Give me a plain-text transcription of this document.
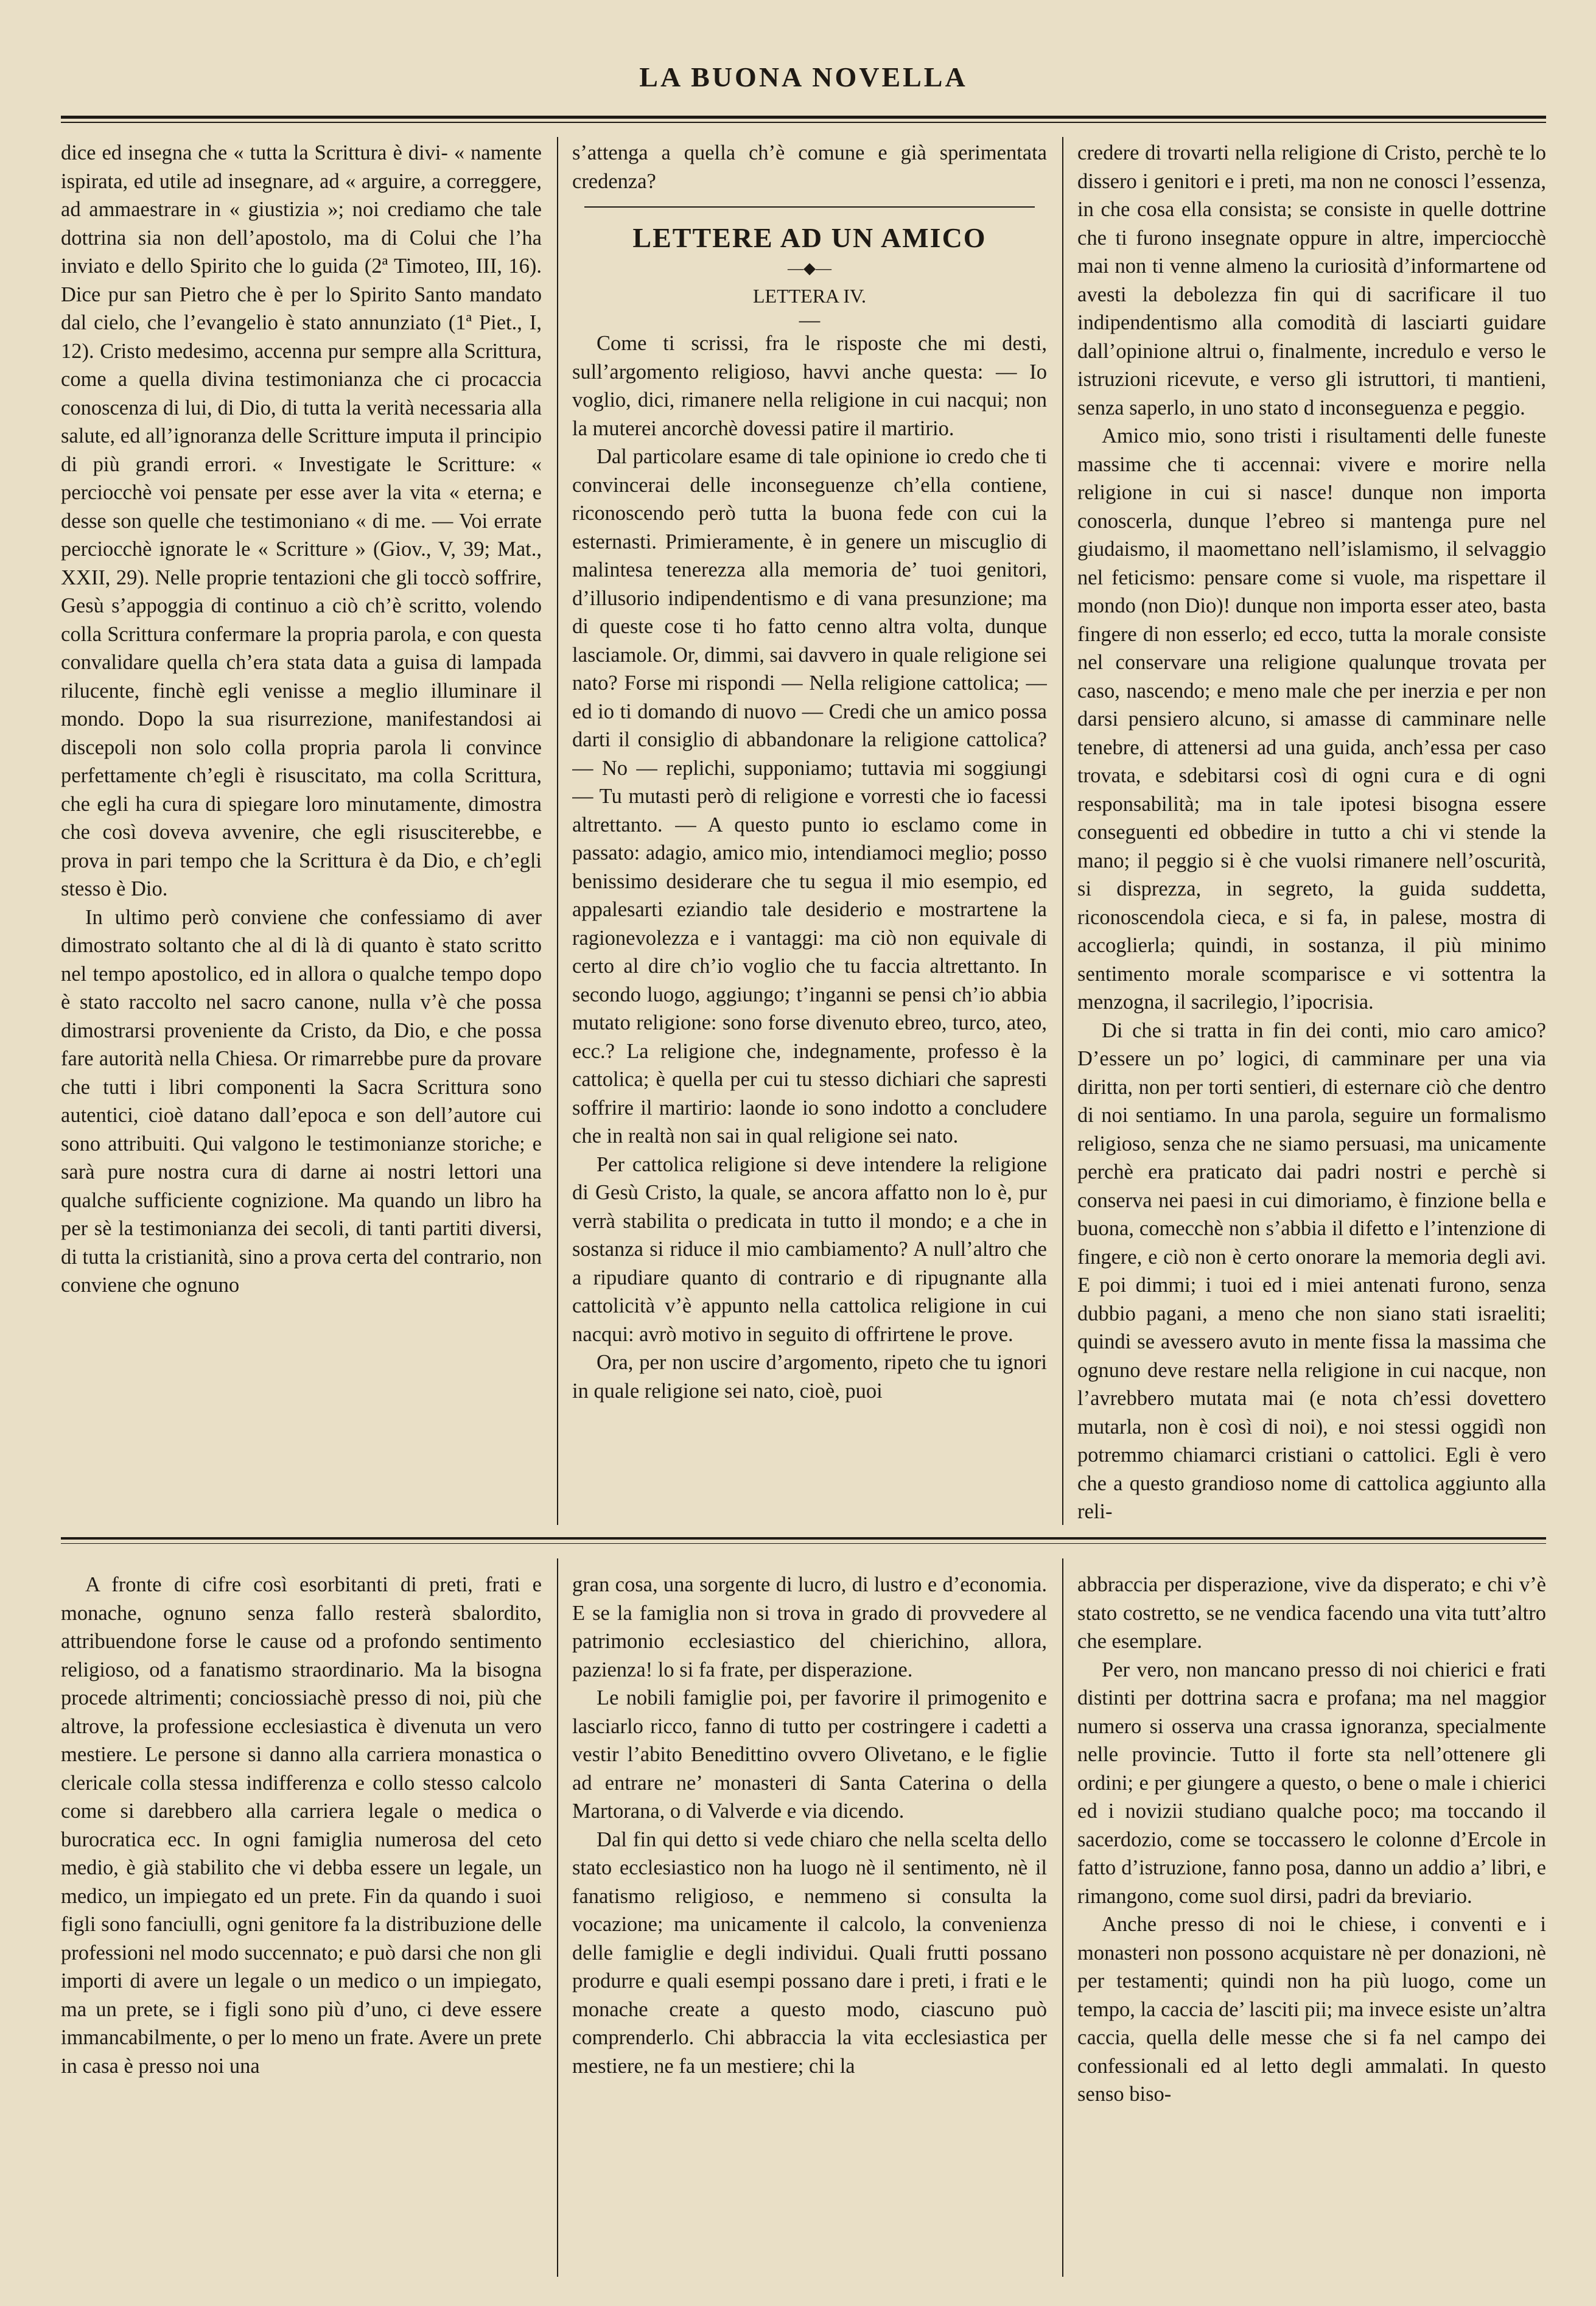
LA BUONA NOVELLA

dice ed insegna che « tutta la Scrittura è divi- « namente ispirata, ed utile ad insegnare, ad « arguire, a correggere, ad ammaestrare in « giustizia »; noi crediamo che tale dottrina sia non dell’apostolo, ma di Colui che l’ha inviato e dello Spirito che lo guida (2ª Timoteo, III, 16). Dice pur san Pietro che è per lo Spirito Santo mandato dal cielo, che l’evangelio è stato annunziato (1ª Piet., I, 12). Cristo medesimo, accenna pur sempre alla Scrittura, come a quella divina testimonianza che ci procaccia conoscenza di lui, di Dio, di tutta la verità necessaria alla salute, ed all’ignoranza delle Scritture imputa il principio di più grandi errori. « Investigate le Scritture: « perciocchè voi pensate per esse aver la vita « eterna; e desse son quelle che testimoniano « di me. — Voi errate perciocchè ignorate le « Scritture » (Giov., V, 39; Mat., XXII, 29). Nelle proprie tentazioni che gli toccò soffrire, Gesù s’appoggia di continuo a ciò ch’è scritto, volendo colla Scrittura confermare la propria parola, e con questa convalidare quella ch’era stata data a guisa di lampada rilucente, finchè egli venisse a meglio illuminare il mondo. Dopo la sua risurrezione, manifestandosi ai discepoli non solo colla propria parola li convince perfettamente ch’egli è risuscitato, ma colla Scrittura, che egli ha cura di spiegare loro minutamente, dimostra che così doveva avvenire, che egli risusciterebbe, e prova in pari tempo che la Scrittura è da Dio, e ch’egli stesso è Dio.

In ultimo però conviene che confessiamo di aver dimostrato soltanto che al di là di quanto è stato scritto nel tempo apostolico, ed in allora o qualche tempo dopo è stato raccolto nel sacro canone, nulla v’è che possa dimostrarsi proveniente da Cristo, da Dio, e che possa fare autorità nella Chiesa. Or rimarrebbe pure da provare che tutti i libri componenti la Sacra Scrittura sono autentici, cioè datano dall’epoca e son dell’autore cui sono attribuiti. Qui valgono le testimonianze storiche; e sarà pure nostra cura di darne ai nostri lettori una qualche sufficiente cognizione. Ma quando un libro ha per sè la testimonianza dei secoli, di tanti partiti diversi, di tutta la cristianità, sino a prova certa del contrario, non conviene che ognuno

s’attenga a quella ch’è comune e già sperimentata credenza?

LETTERE AD UN AMICO
—◆—
LETTERA IV.
—

Come ti scrissi, fra le risposte che mi desti, sull’argomento religioso, havvi anche questa: — Io voglio, dici, rimanere nella religione in cui nacqui; non la muterei ancorchè dovessi patire il martirio.

Dal particolare esame di tale opinione io credo che ti convincerai delle inconseguenze ch’ella contiene, riconoscendo però tutta la buona fede con cui la esternasti. Primieramente, è in genere un miscuglio di malintesa tenerezza alla memoria de’ tuoi genitori, d’illusorio indipendentismo e di vana presunzione; ma di queste cose ti ho fatto cenno altra volta, dunque lasciamole. Or, dimmi, sai davvero in quale religione sei nato? Forse mi rispondi — Nella religione cattolica; — ed io ti domando di nuovo — Credi che un amico possa darti il consiglio di abbandonare la religione cattolica? — No — replichi, supponiamo; tuttavia mi soggiungi — Tu mutasti però di religione e vorresti che io facessi altrettanto. — A questo punto io esclamo come in passato: adagio, amico mio, intendiamoci meglio; posso benissimo desiderare che tu segua il mio esempio, ed appalesarti eziandio tale desiderio e mostrartene la ragionevolezza e i vantaggi: ma ciò non equivale di certo al dire ch’io voglio che tu faccia altrettanto. In secondo luogo, aggiungo; t’inganni se pensi ch’io abbia mutato religione: sono forse divenuto ebreo, turco, ateo, ecc.? La religione che, indegnamente, professo è la cattolica; è quella per cui tu stesso dichiari che sapresti soffrire il martirio: laonde io sono indotto a concludere che in realtà non sai in qual religione sei nato.

Per cattolica religione si deve intendere la religione di Gesù Cristo, la quale, se ancora affatto non lo è, pur verrà stabilita o predicata in tutto il mondo; e a che in sostanza si riduce il mio cambiamento? A null’altro che a ripudiare quanto di contrario e di ripugnante alla cattolicità v’è appunto nella cattolica religione in cui nacqui: avrò motivo in seguito di offrirtene le prove.

Ora, per non uscire d’argomento, ripeto che tu ignori in quale religione sei nato, cioè, puoi

credere di trovarti nella religione di Cristo, perchè te lo dissero i genitori e i preti, ma non ne conosci l’essenza, in che cosa ella consista; se consiste in quelle dottrine che ti furono insegnate oppure in altre, imperciocchè mai non ti venne almeno la curiosità d’informartene od avesti la debolezza fin qui di sacrificare il tuo indipendentismo alla comodità di lasciarti guidare dall’opinione altrui o, finalmente, incredulo e verso le istruzioni ricevute, e verso gli istruttori, ti mantieni, senza saperlo, in uno stato d inconseguenza e peggio.

Amico mio, sono tristi i risultamenti delle funeste massime che ti accennai: vivere e morire nella religione in cui si nasce! dunque non importa conoscerla, dunque l’ebreo si mantenga pure nel giudaismo, il maomettano nell’islamismo, il selvaggio nel feticismo: pensare come si vuole, ma rispettare il mondo (non Dio)! dunque non importa esser ateo, basta fingere di non esserlo; ed ecco, tutta la morale consiste nel conservare una religione qualunque trovata per caso, nascendo; e meno male che per inerzia e per non darsi pensiero alcuno, si amasse di camminare nelle tenebre, di attenersi ad una guida, anch’essa per caso trovata, e sdebitarsi così di ogni cura e di ogni responsabilità; ma in tale ipotesi bisogna essere conseguenti ed obbedire in tutto a chi vi stende la mano; il peggio si è che vuolsi rimanere nell’oscurità, si disprezza, in segreto, la guida suddetta, riconoscendola cieca, e si fa, in palese, mostra di accoglierla; quindi, in sostanza, il più minimo sentimento morale scomparisce e vi sottentra la menzogna, il sacrilegio, l’ipocrisia.

Di che si tratta in fin dei conti, mio caro amico? D’essere un po’ logici, di camminare per una via diritta, non per torti sentieri, di esternare ciò che dentro di noi sentiamo. In una parola, seguire un formalismo religioso, senza che ne siamo persuasi, ma unicamente perchè era praticato dai padri nostri e perchè si conserva nei paesi in cui dimoriamo, è finzione bella e buona, comecchè non s’abbia il difetto e l’intenzione di fingere, e ciò non è certo onorare la memoria degli avi. E poi dimmi; i tuoi ed i miei antenati furono, senza dubbio pagani, a meno che non siano stati israeliti; quindi se avessero avuto in mente fissa la massima che ognuno deve restare nella religione in cui nacque, non l’avrebbero mutata mai (e nota ch’essi dovettero mutarla, non è così di noi), e noi stessi oggidì non potremmo chiamarci cristiani o cattolici. Egli è vero che a questo grandioso nome di cattolica aggiunto alla reli-

A fronte di cifre così esorbitanti di preti, frati e monache, ognuno senza fallo resterà sbalordito, attribuendone forse le cause od a profondo sentimento religioso, od a fanatismo straordinario. Ma la bisogna procede altrimenti; conciossiachè presso di noi, più che altrove, la professione ecclesiastica è divenuta un vero mestiere. Le persone si danno alla carriera monastica o clericale colla stessa indifferenza e collo stesso calcolo come si darebbero alla carriera legale o medica o burocratica ecc. In ogni famiglia numerosa del ceto medio, è già stabilito che vi debba essere un legale, un medico, un impiegato ed un prete. Fin da quando i suoi figli sono fanciulli, ogni genitore fa la distribuzione delle professioni nel modo succennato; e può darsi che non gli importi di avere un legale o un medico o un impiegato, ma un prete, se i figli sono più d’uno, ci deve essere immancabilmente, o per lo meno un frate. Avere un prete in casa è presso noi una

gran cosa, una sorgente di lucro, di lustro e d’economia. E se la famiglia non si trova in grado di provvedere al patrimonio ecclesiastico del chierichino, allora, pazienza! lo si fa frate, per disperazione.

Le nobili famiglie poi, per favorire il primogenito e lasciarlo ricco, fanno di tutto per costringere i cadetti a vestir l’abito Benedittino ovvero Olivetano, e le figlie ad entrare ne’ monasteri di Santa Caterina o della Martorana, o di Valverde e via dicendo.

Dal fin qui detto si vede chiaro che nella scelta dello stato ecclesiastico non ha luogo nè il sentimento, nè il fanatismo religioso, e nemmeno si consulta la vocazione; ma unicamente il calcolo, la convenienza delle famiglie e degli individui. Quali frutti possano produrre e quali esempi possano dare i preti, i frati e le monache create a questo modo, ciascuno può comprenderlo. Chi abbraccia la vita ecclesiastica per mestiere, ne fa un mestiere; chi la

abbraccia per disperazione, vive da disperato; e chi v’è stato costretto, se ne vendica facendo una vita tutt’altro che esemplare.

Per vero, non mancano presso di noi chierici e frati distinti per dottrina sacra e profana; ma nel maggior numero si osserva una crassa ignoranza, specialmente nelle provincie. Tutto il forte sta nell’ottenere gli ordini; e per giungere a questo, o bene o male i chierici ed i novizii studiano qualche poco; ma toccando il sacerdozio, come se toccassero le colonne d’Ercole in fatto d’istruzione, fanno posa, danno un addio a’ libri, e rimangono, come suol dirsi, padri da breviario.

Anche presso di noi le chiese, i conventi e i monasteri non possono acquistare nè per donazioni, nè per testamenti; quindi non ha più luogo, come un tempo, la caccia de’ lasciti pii; ma invece esiste un’altra caccia, quella delle messe che si fa nel campo dei confessionali ed al letto degli ammalati. In questo senso biso-
